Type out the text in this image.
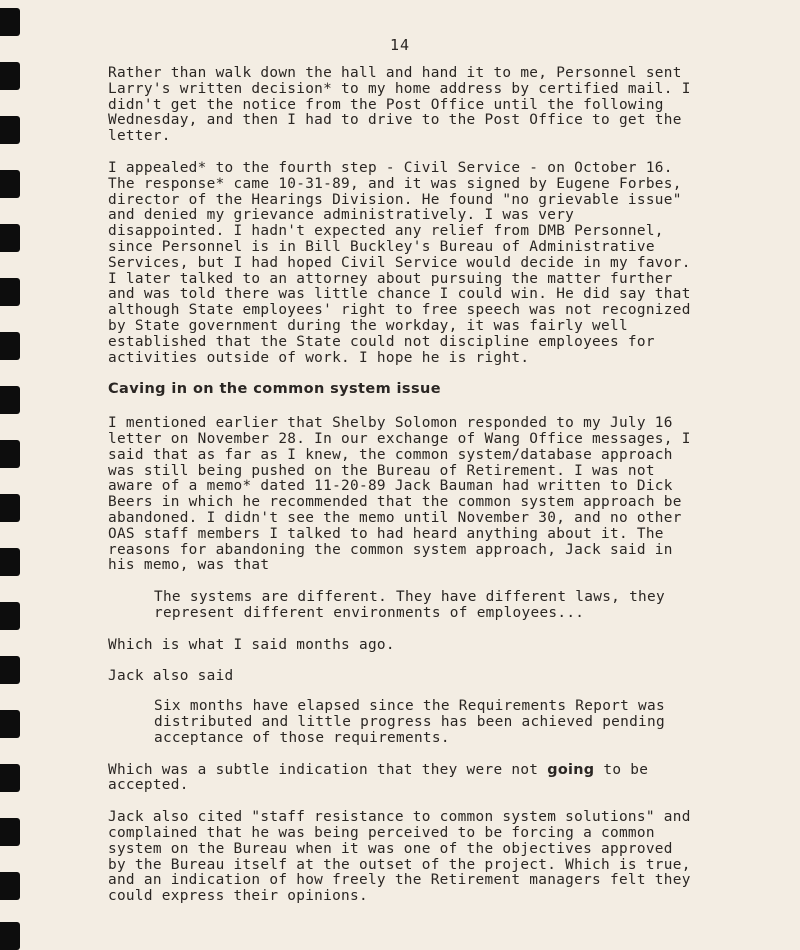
14

Rather than walk down the hall and hand it to me, Personnel sent
Larry's written decision* to my home address by certified mail. I
didn't get the notice from the Post Office until the following
Wednesday, and then I had to drive to the Post Office to get the
letter.

I appealed* to the fourth step - Civil Service - on October 16.
The response* came 10-31-89, and it was signed by Eugene Forbes,
director of the Hearings Division. He found "no grievable issue"
and denied my grievance administratively. I was very
disappointed. I hadn't expected any relief from DMB Personnel,
since Personnel is in Bill Buckley's Bureau of Administrative
Services, but I had hoped Civil Service would decide in my favor.
I later talked to an attorney about pursuing the matter further
and was told there was little chance I could win. He did say that
although State employees' right to free speech was not recognized
by State government during the workday, it was fairly well
established that the State could not discipline employees for
activities outside of work. I hope he is right.

Caving in on the common system issue

I mentioned earlier that Shelby Solomon responded to my July 16
letter on November 28. In our exchange of Wang Office messages, I
said that as far as I knew, the common system/database approach
was still being pushed on the Bureau of Retirement. I was not
aware of a memo* dated 11-20-89 Jack Bauman had written to Dick
Beers in which he recommended that the common system approach be
abandoned. I didn't see the memo until November 30, and no other
OAS staff members I talked to had heard anything about it. The
reasons for abandoning the common system approach, Jack said in
his memo, was that

The systems are different. They have different laws, they
represent different environments of employees...

Which is what I said months ago.

Jack also said

Six months have elapsed since the Requirements Report was
distributed and little progress has been achieved pending
acceptance of those requirements.

Which was a subtle indication that they were not going to be
accepted.

Jack also cited "staff resistance to common system solutions" and
complained that he was being perceived to be forcing a common
system on the Bureau when it was one of the objectives approved
by the Bureau itself at the outset of the project. Which is true,
and an indication of how freely the Retirement managers felt they
could express their opinions.
